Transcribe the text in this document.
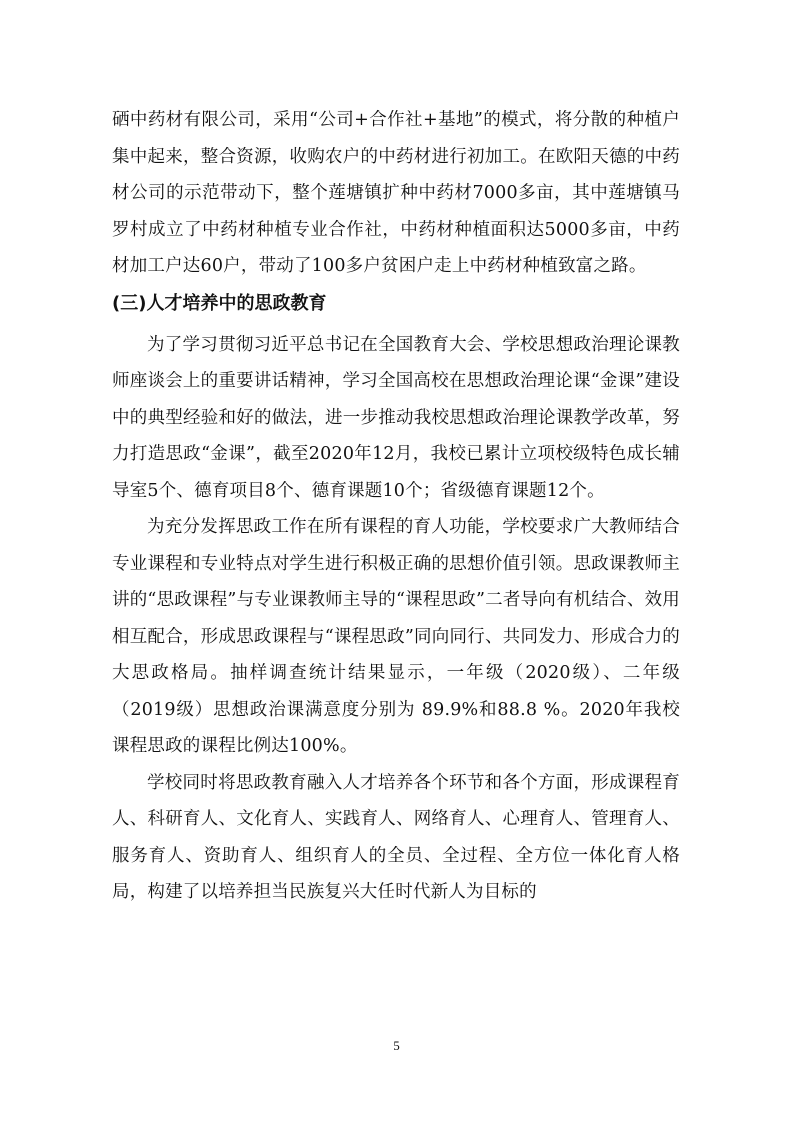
硒中药材有限公司，采用“公司+合作社+基地”的模式，将分散的种植户集中起来，整合资源，收购农户的中药材进行初加工。在欧阳天德的中药材公司的示范带动下，整个莲塘镇扩种中药材7000多亩，其中莲塘镇马罗村成立了中药材种植专业合作社，中药材种植面积达5000多亩，中药材加工户达60户，带动了100多户贫困户走上中药材种植致富之路。

(三)人才培养中的思政教育

为了学习贯彻习近平总书记在全国教育大会、学校思想政治理论课教师座谈会上的重要讲话精神，学习全国高校在思想政治理论课“金课”建设中的典型经验和好的做法，进一步推动我校思想政治理论课教学改革，努力打造思政“金课”，截至2020年12月，我校已累计立项校级特色成长辅导室5个、德育项目8个、德育课题10个；省级德育课题12个。

为充分发挥思政工作在所有课程的育人功能，学校要求广大教师结合专业课程和专业特点对学生进行积极正确的思想价值引领。思政课教师主讲的“思政课程”与专业课教师主导的“课程思政”二者导向有机结合、效用相互配合，形成思政课程与“课程思政”同向同行、共同发力、形成合力的大思政格局。抽样调查统计结果显示，一年级（2020级）、二年级（2019级）思想政治课满意度分别为 89.9%和88.8 %。2020年我校课程思政的课程比例达100%。

学校同时将思政教育融入人才培养各个环节和各个方面，形成课程育人、科研育人、文化育人、实践育人、网络育人、心理育人、管理育人、服务育人、资助育人、组织育人的全员、全过程、全方位一体化育人格局，构建了以培养担当民族复兴大任时代新人为目标的

5
